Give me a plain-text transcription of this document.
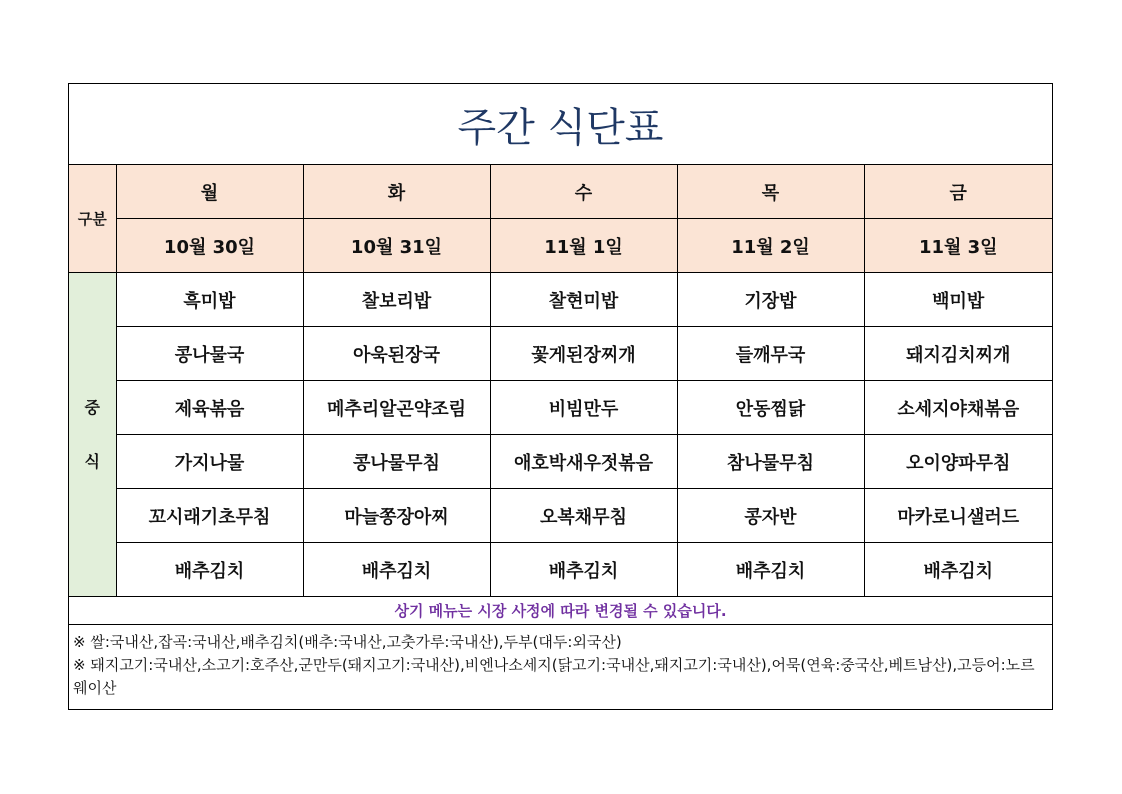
주간 식단표
구분	월	화	수	목	금
	10월 30일	10월 31일	11월 1일	11월 2일	11월 3일
중
식	흑미밥	찰보리밥	찰현미밥	기장밥	백미밥
	콩나물국	아욱된장국	꽃게된장찌개	들깨무국	돼지김치찌개
	제육볶음	메추리알곤약조림	비빔만두	안동찜닭	소세지야채볶음
	가지나물	콩나물무침	애호박새우젓볶음	참나물무침	오이양파무침
	꼬시래기초무침	마늘쫑장아찌	오복채무침	콩자반	마카로니샐러드
	배추김치	배추김치	배추김치	배추김치	배추김치
상기 메뉴는 시장 사정에 따라 변경될 수 있습니다.
※ 쌀:국내산,잡곡:국내산,배추김치(배추:국내산,고춧가루:국내산),두부(대두:외국산)
※ 돼지고기:국내산,소고기:호주산,군만두(돼지고기:국내산),비엔나소세지(닭고기:국내산,돼지고기:국내산),어묵(연육:중국산,베트남산),고등어:노르웨이산
